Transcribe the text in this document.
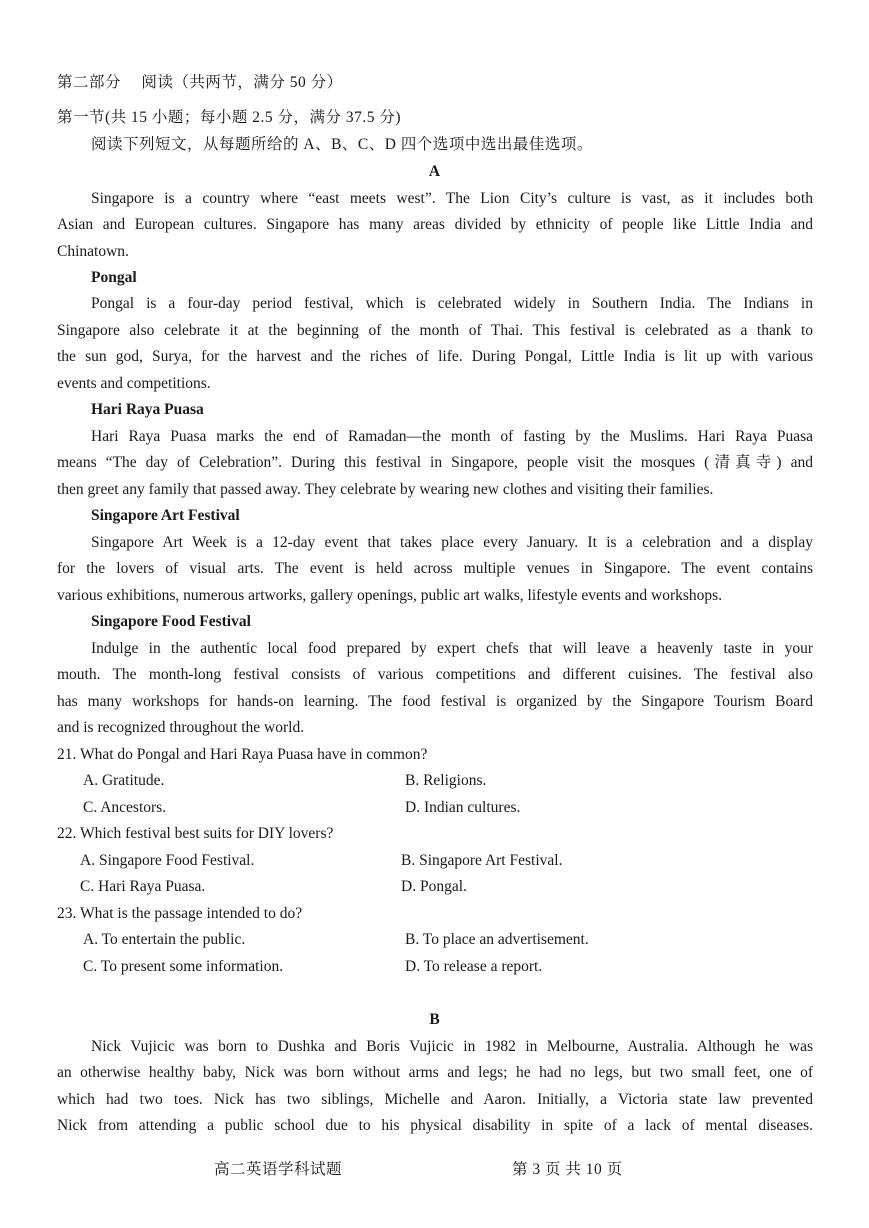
第二部分　 阅读（共两节，满分 50 分）
第一节(共 15 小题；每小题 2.5 分，满分 37.5 分)
阅读下列短文，从每题所给的 A、B、C、D 四个选项中选出最佳选项。
A
Singapore is a country where “east meets west”. The Lion City’s culture is vast, as it includes both
Asian and European cultures. Singapore has many areas divided by ethnicity of people like Little India and
Chinatown.
Pongal
Pongal is a four-day period festival, which is celebrated widely in Southern India. The Indians in
Singapore also celebrate it at the beginning of the month of Thai. This festival is celebrated as a thank to
the sun god, Surya, for the harvest and the riches of life. During Pongal, Little India is lit up with various
events and competitions.
Hari Raya Puasa
Hari Raya Puasa marks the end of Ramadan—the month of fasting by the Muslims. Hari Raya Puasa
means “The day of Celebration”. During this festival in Singapore, people visit the mosques (清真寺) and
then greet any family that passed away. They celebrate by wearing new clothes and visiting their families.
Singapore Art Festival
Singapore Art Week is a 12-day event that takes place every January. It is a celebration and a display
for the lovers of visual arts. The event is held across multiple venues in Singapore. The event contains
various exhibitions, numerous artworks, gallery openings, public art walks, lifestyle events and workshops.
Singapore Food Festival
Indulge in the authentic local food prepared by expert chefs that will leave a heavenly taste in your
mouth. The month-long festival consists of various competitions and different cuisines. The festival also
has many workshops for hands-on learning. The food festival is organized by the Singapore Tourism Board
and is recognized throughout the world.
21. What do Pongal and Hari Raya Puasa have in common?
A. Gratitude.	B. Religions.
C. Ancestors.	D. Indian cultures.
22. Which festival best suits for DIY lovers?
A. Singapore Food Festival.	B. Singapore Art Festival.
C. Hari Raya Puasa.	D. Pongal.
23. What is the passage intended to do?
A. To entertain the public.	B. To place an advertisement.
C. To present some information.	D. To release a report.
B
Nick Vujicic was born to Dushka and Boris Vujicic in 1982 in Melbourne, Australia. Although he was
an otherwise healthy baby, Nick was born without arms and legs; he had no legs, but two small feet, one of
which had two toes. Nick has two siblings, Michelle and Aaron. Initially, a Victoria state law prevented
Nick from attending a public school due to his physical disability in spite of a lack of mental diseases.
高二英语学科试题	第 3 页 共 10 页
